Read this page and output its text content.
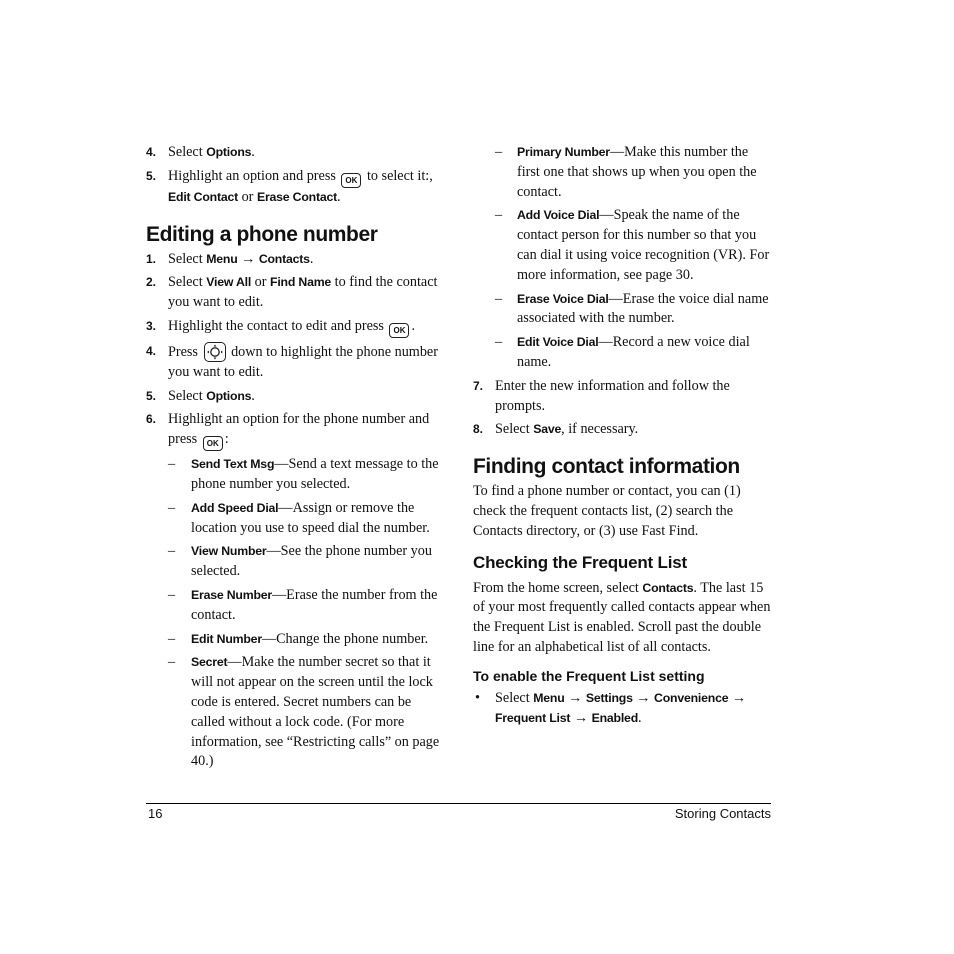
4. Select Options.
5. Highlight an option and press OK to select it:, Edit Contact or Erase Contact.
Editing a phone number
1. Select Menu → Contacts.
2. Select View All or Find Name to find the contact you want to edit.
3. Highlight the contact to edit and press OK .
4. Press  down to highlight the phone number you want to edit.
5. Select Options.
6. Highlight an option for the phone number and press OK :
– Send Text Msg—Send a text message to the phone number you selected.
– Add Speed Dial—Assign or remove the location you use to speed dial the number.
– View Number—See the phone number you selected.
– Erase Number—Erase the number from the contact.
– Edit Number—Change the phone number.
– Secret—Make the number secret so that it will not appear on the screen until the lock code is entered. Secret numbers can be called without a lock code. (For more information, see “Restricting calls” on page 40.)
– Primary Number—Make this number the first one that shows up when you open the contact.
– Add Voice Dial—Speak the name of the contact person for this number so that you can dial it using voice recognition (VR). For more information, see page 30.
– Erase Voice Dial—Erase the voice dial name associated with the number.
– Edit Voice Dial—Record a new voice dial name.
7. Enter the new information and follow the prompts.
8. Select Save, if necessary.
Finding contact information

To find a phone number or contact, you can (1) check the frequent contacts list, (2) search the Contacts directory, or (3) use Fast Find.

Checking the Frequent List

From the home screen, select Contacts. The last 15 of your most frequently called contacts appear when the Frequent List is enabled. Scroll past the double line for an alphabetical list of all contacts.

To enable the Frequent List setting
• Select Menu → Settings → Convenience → Frequent List → Enabled.
16	Storing Contacts
